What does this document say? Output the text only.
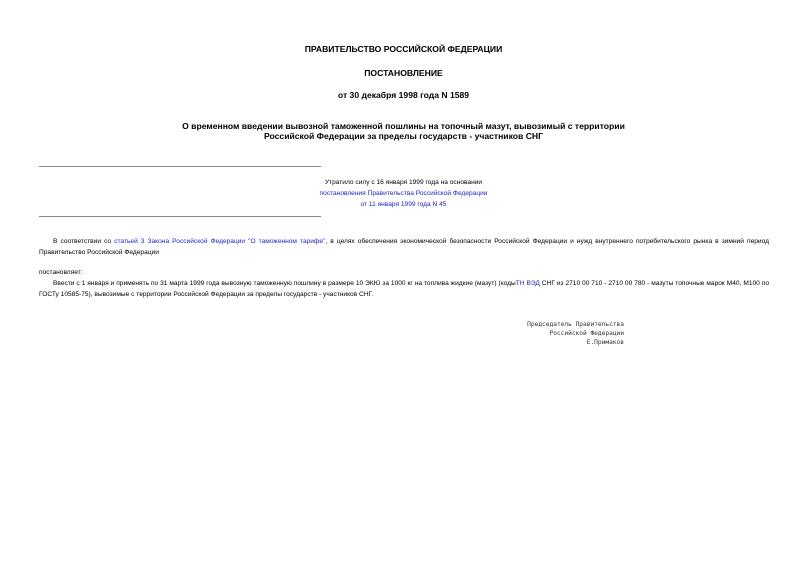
ПРАВИТЕЛЬСТВО РОССИЙСКОЙ ФЕДЕРАЦИИ
ПОСТАНОВЛЕНИЕ
от 30 декабря 1998 года N 1589
О временном введении вывозной таможенной пошлины на топочный мазут, вывозимый с территории Российской Федерации за пределы государств - участников СНГ
Утратило силу с 16 января 1999 года на основании
постановления Правительства Российской Федерации
от 11 января 1999 года N 45
В соответствии со статьей 3 Закона Российской Федерации "О таможенном тарифе", в целях обеспечения экономической безопасности Российской Федерации и нужд внутреннего потребительского рынка в зимний период Правительство Российской Федерации
постановляет:
Ввести с 1 января и применять по 31 марта 1999 года вывозную таможенную пошлину в размере 10 ЭКЮ за 1000 кг на топлива жидкие (мазут) (кодыТН ВЭД СНГ из 2710 00 710 - 2710 00 780 - мазуты топочные марок М40, М100 по ГОСТу 10585-75), вывозимые с территории Российской Федерации за пределы государств - участников СНГ.
Председатель Правительства
Российской Федерации
Е.Примаков
